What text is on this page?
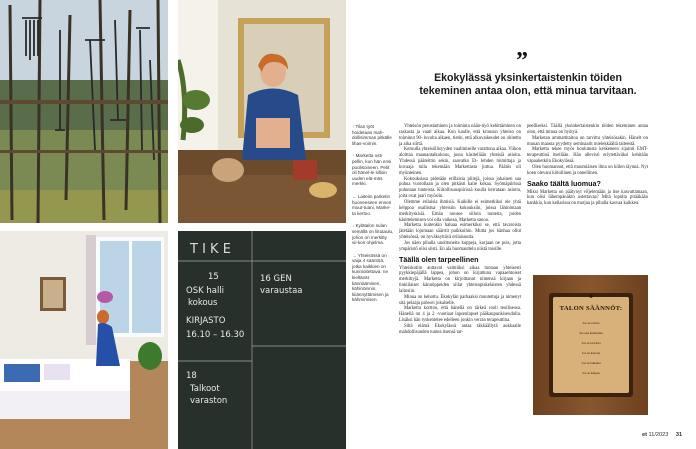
T I K E
15
OSK halli
kokous
KIRJASTO
16.10 – 16.30
18
Talkoot
varaston
16 GEN
varaustaa

↑ Tilan työt hoidetaan mah-dollisimman pitkälle lihas-voimin.

↑ Marketta osti pellin, kun hän ensi puolisoineen. Pelit oli hänel-le silloin uuden elä-mäs merkki.

← Laiteiin parketin huoneeseen ennen muut-tuani, Marke-ta kertoo.

↓ Kylätalon sulan seinällä on liitutaulu, johon on merkitty vii-kon ohjelma.

→ Yhteisössä on vaija 4 sääntöä, jotka kaikkien on kunnioitettava: ne kieltävät kännäämisen, kähinöinnin, kiiännyttämisen ja kähmimisen.

”
Ekokylässä yksinkertaistenkin töiden tekeminen antaa olon, että minua tarvitaan.

Yhteisön perustaminen ja toiminta nään-tiyö kehittäminen on raskasta ja vaati aikaa. Kun kaulle, että kruusun yhteiso on toiminut 90- luvulta alkaen, tietin, että alkuvaikeudet on ohitettu ja aika siirtä.

Keruulla yhteisöllisyyden vaalimiselle varattuna aikaa. Viikon aloittaa maanantaikokous, jossa käsitellään yhteisiä asioita. Yhdessä pääteittin sekin, saavatko Et- lehden toimittaja ja kuvaaja tulla tekemään Markettasta juttua. Päätös oli myönteinen.

Kokouksissa pidetään erillaisia piirejä, joissa jokainen saa puhua vuorollaan ja olen pitkästi kaire kokaa. Syömäpiirissä puhutaan tunteista. Kiitollisuuspiirissä kuulla kerrataan asioita, joita ovat jaari myösiin.

Olemme erilaisia ihmisiä. Kaikille ei esimerkiksi ole yhtä helppoa osallistua yhteisiin kokouksiin, joissa lähinlotaan merkityskisiä. Emän nousee silloin tunteita, joiden käsittelemisen voi olla vaikeaa, Marketta sanoo.

Marketta kuitenkin haluaa esimerkiksi se, että tavaroista jätetään lojumaan säärrtit paikkoihin. Mutta jos hänhaa ollut yhteisössä, on hyväksyttävä erilaisuutta.

Jos näen pihalla unohtuneita kuppeja, korjaan ne pois, jotta ympäristö olisi siisti. En ala huomauttelu niistä toisille.

Täällä olen tarpeellinen

Yhteiskotiin auttavat valmiiksi aikaa tuotaan yhteisesti pyykkiepäjällä lappea, johon on kirjattuna vapaaehtoiset merkittyjä. Marketta on kirjoittanut nimensä kirjaan ja tinkiilaiset kännöppeiden siilat yhteisopiskelaisten yhdessä laitosiin.

Minua on kehottu. Ekokylän parhaaksi muutettuja ja nimenyt sitä pelaaja pahwei jokaiselle.

Marketta korttoo, että hänellä on tärkeä rooli teollisessa. Hänellä on 4 ja 2 -vuotiaat lapsenlapset pääkaupunkiseudulla. Lisäksi hän tyskentelee edelleen jonkin verran terapeuttina.

Siltä elämä Ekokylässä antaa täkkäällytä aukkaalle mahdollisuuden tuntea itsensä tar-

peelliseksi. Täällä yksinkertaistenkin töiden tekeminen antaa olon, että minua on hyötyä.

Marketan ammattitaitoa on tarvittu yhteisösakin. Hänelt on muuan maassa pyydetty seminaarit mielekkäältä taiteestä.

Marketta tekee myös koulutusta keskeneen sijainti EMT-terapeuttinä itsellään. Hän allevisti eriytettäväksi kehitään vapaahetkiin Ekokylässä.

Olen huomannut, että muumiäisen ilma on hiilen täynnä. Nyt koen olevani kiitollinen ja onnellinen.

Saako täältä luomua?

Miksi Marketta on päätynyt viljelemään ja itse kasvattamaan, kun olisi lähempänäkin ostettavaa? Mitä lopulta pitääkään hankkia, kun kellarissa on marjaa ja pihalla kasvaa kaikkea.

TALON SÄÄNNÖT:
Jos se raivaa
Jos sen kannattaa
Jos se tarvitaa
Jos se kasvaa
Jos se lakaista
Jos se kelpaa
et 11/2023 31
